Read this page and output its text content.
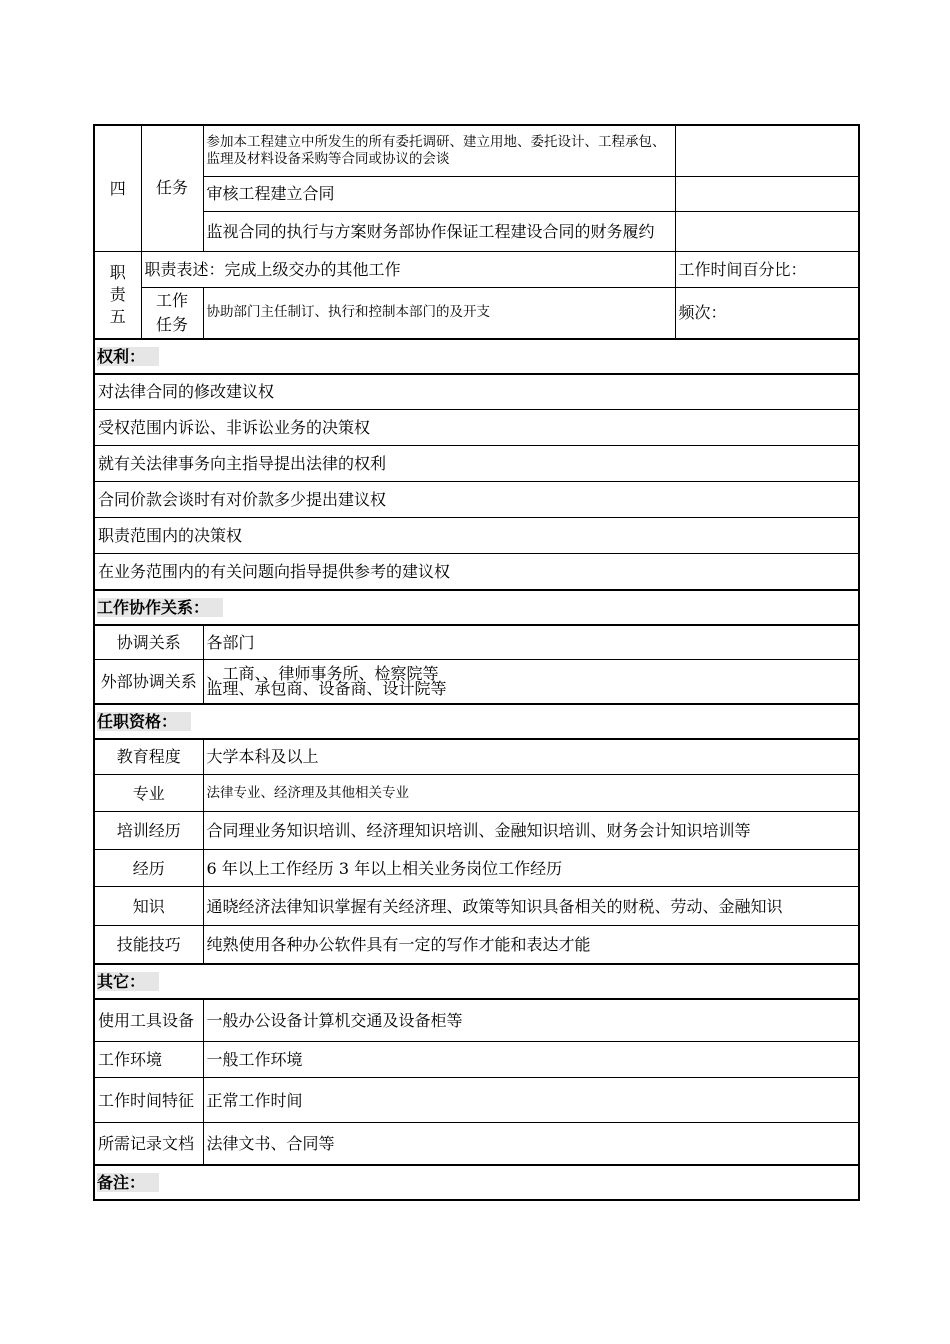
四	任务	参加本工程建立中所发生的所有委托调研、建立用地、委托设计、工程承包、监理及材料设备采购等合同或协议的会谈	
		审核工程建立合同	
		监视合同的执行与方案财务部协作保证工程建设合同的财务履约	
职责五	职责表述：完成上级交办的其他工作		工作时间百分比：
	工作任务	协助部门主任制订、执行和控制本部门的及开支	频次：
权利：			
对法律合同的修改建议权			
受权范围内诉讼、非诉讼业务的决策权			
就有关法律事务向主指导提出法律的权利			
合同价款会谈时有对价款多少提出建议权			
职责范围内的决策权			
在业务范围内的有关问题向指导提供参考的建议权			
工作协作关系：			
协调关系		各部门	
外部协调关系		、工商、、律师事务所、检察院等
监理、承包商、设备商、设计院等	
任职资格：			
教育程度		大学本科及以上	
专业		法律专业、经济理及其他相关专业	
培训经历		合同理业务知识培训、经济理知识培训、金融知识培训、财务会计知识培训等	
经历		6 年以上工作经历 3 年以上相关业务岗位工作经历	
知识		通晓经济法律知识掌握有关经济理、政策等知识具备相关的财税、劳动、金融知识	
技能技巧		纯熟使用各种办公软件具有一定的写作才能和表达才能	
其它：			
使用工具设备		一般办公设备计算机交通及设备柜等	
工作环境		一般工作环境	
工作时间特征		正常工作时间	
所需记录文档		法律文书、合同等	
备注：			
